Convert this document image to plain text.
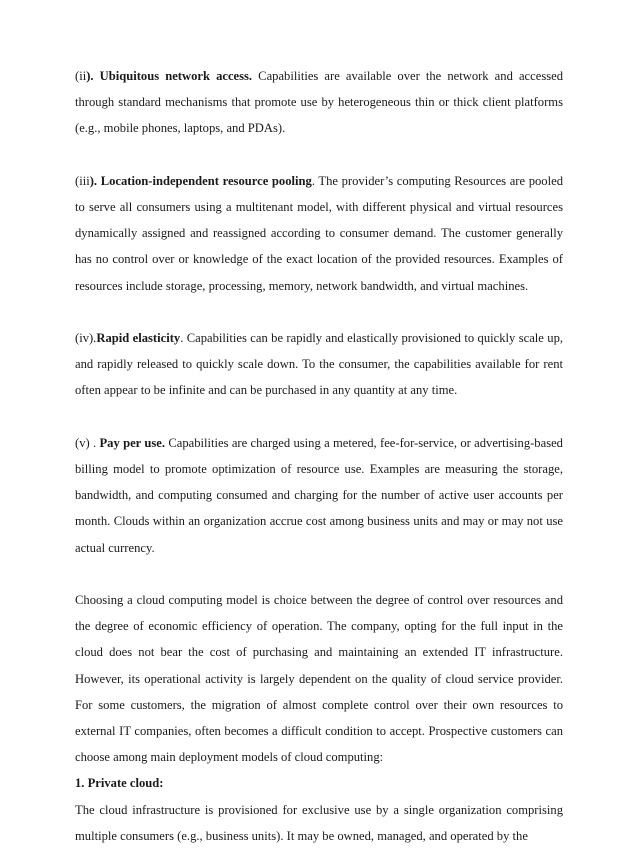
(ii). Ubiquitous network access. Capabilities are available over the network and accessed through standard mechanisms that promote use by heterogeneous thin or thick client platforms (e.g., mobile phones, laptops, and PDAs).

(iii). Location-independent resource pooling. The provider’s computing Resources are pooled to serve all consumers using a multitenant model, with different physical and virtual resources dynamically assigned and reassigned according to consumer demand. The customer generally has no control over or knowledge of the exact location of the provided resources. Examples of resources include storage, processing, memory, network bandwidth, and virtual machines.

(iv).Rapid elasticity. Capabilities can be rapidly and elastically provisioned to quickly scale up, and rapidly released to quickly scale down. To the consumer, the capabilities available for rent often appear to be infinite and can be purchased in any quantity at any time.

(v) . Pay per use. Capabilities are charged using a metered, fee-for-service, or advertising-based billing model to promote optimization of resource use. Examples are measuring the storage, bandwidth, and computing consumed and charging for the number of active user accounts per month. Clouds within an organization accrue cost among business units and may or may not use actual currency.

Choosing a cloud computing model is choice between the degree of control over resources and the degree of economic efficiency of operation. The company, opting for the full input in the cloud does not bear the cost of purchasing and maintaining an extended IT infrastructure. However, its operational activity is largely dependent on the quality of cloud service provider. For some customers, the migration of almost complete control over their own resources to external IT companies, often becomes a difficult condition to accept. Prospective customers can choose among main deployment models of cloud computing:

1. Private cloud:

The cloud infrastructure is provisioned for exclusive use by a single organization comprising multiple consumers (e.g., business units). It may be owned, managed, and operated by the
